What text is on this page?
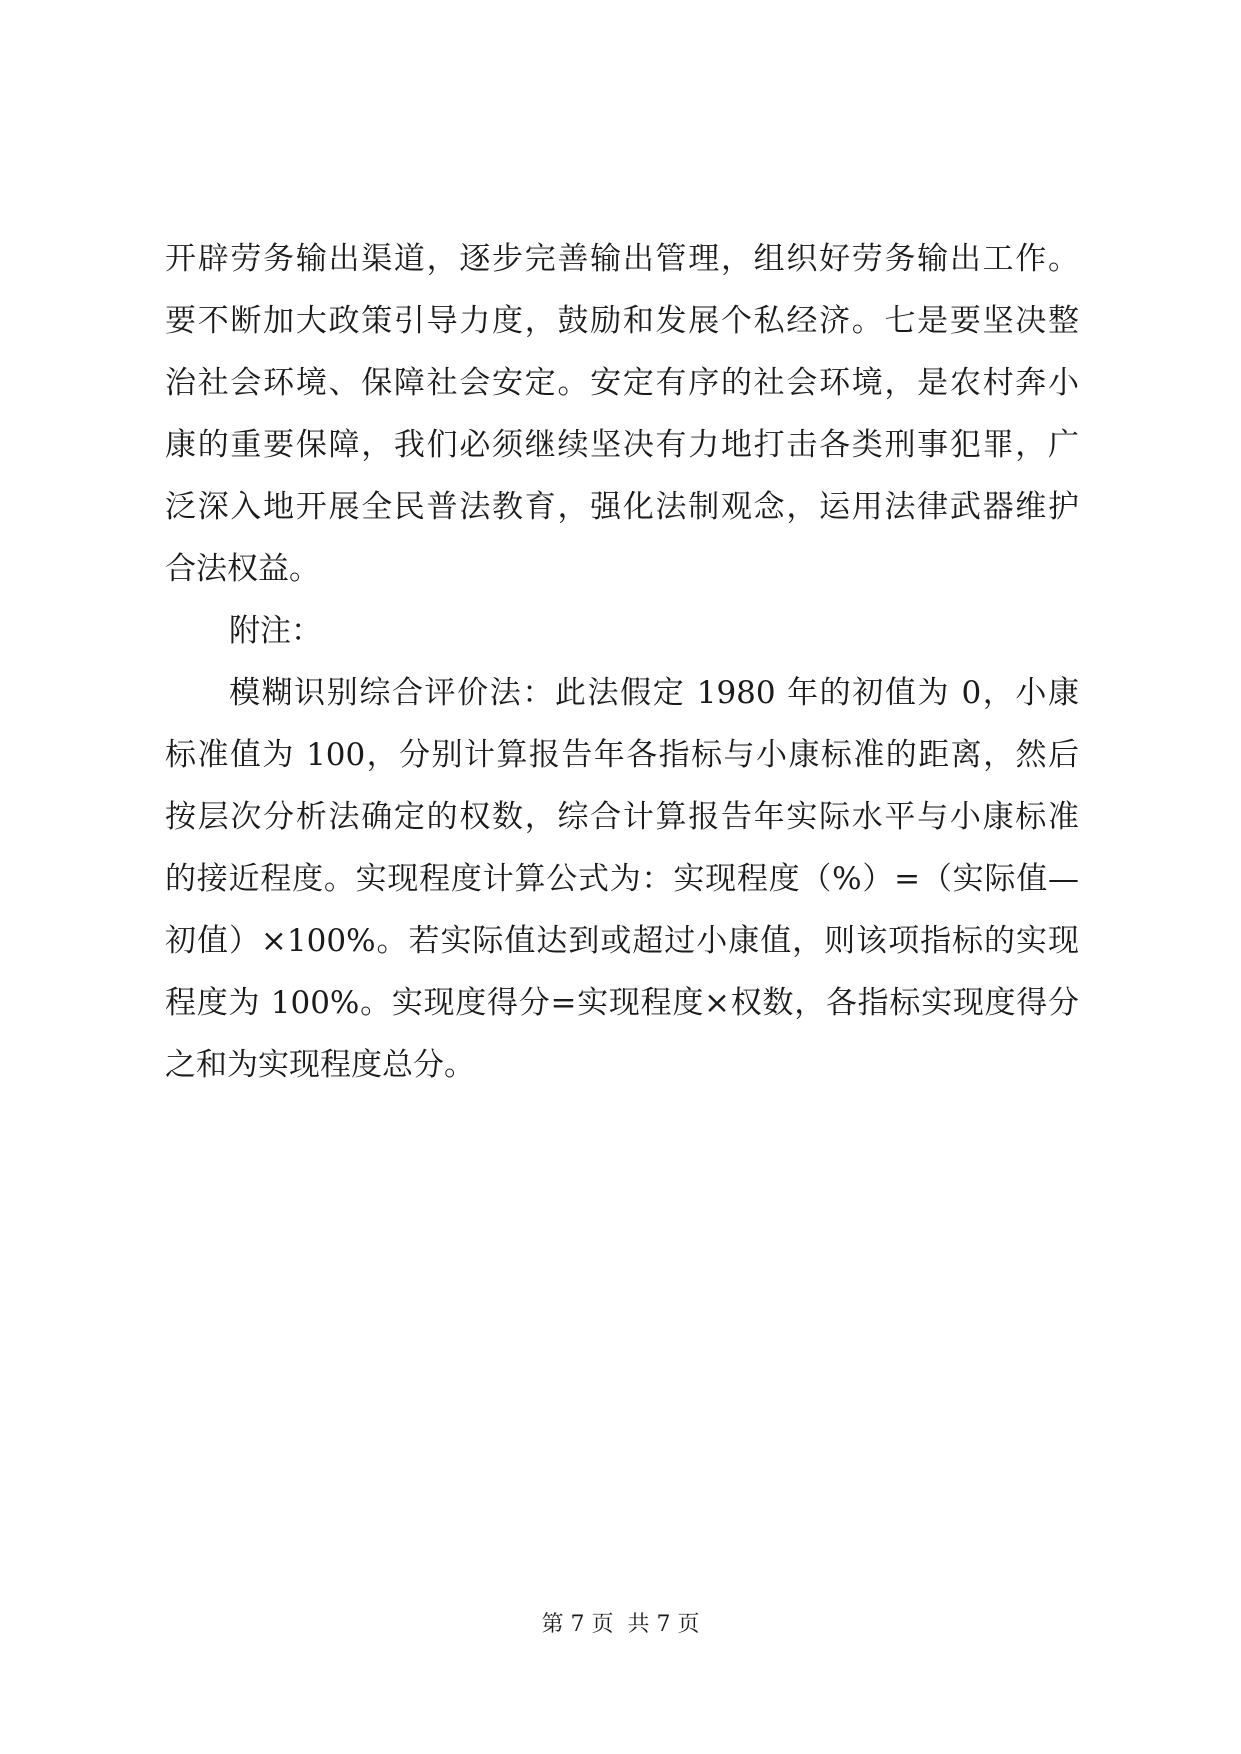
开辟劳务输出渠道，逐步完善输出管理，组织好劳务输出工作。
要不断加大政策引导力度，鼓励和发展个私经济。七是要坚决整
治社会环境、保障社会安定。安定有序的社会环境，是农村奔小
康的重要保障，我们必须继续坚决有力地打击各类刑事犯罪，广
泛深入地开展全民普法教育，强化法制观念，运用法律武器维护
合法权益。
附注：
模糊识别综合评价法：此法假定 1980 年的初值为 0，小康
标准值为 100，分别计算报告年各指标与小康标准的距离，然后
按层次分析法确定的权数，综合计算报告年实际水平与小康标准
的接近程度。实现程度计算公式为：实现程度（%）=（实际值—
初值）×100%。若实际值达到或超过小康值，则该项指标的实现
程度为 100%。实现度得分=实现程度×权数，各指标实现度得分
之和为实现程度总分。
第 7 页 共 7 页
